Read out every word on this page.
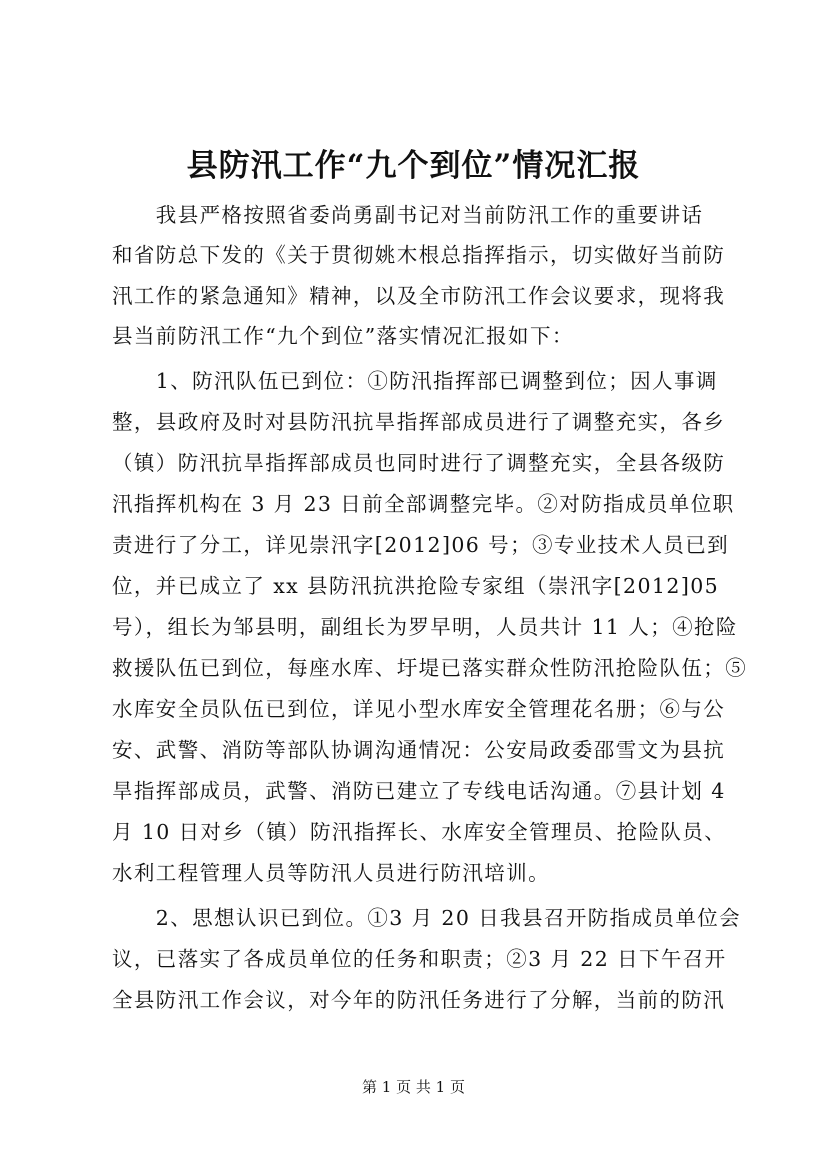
县防汛工作“九个到位”情况汇报
　　我县严格按照省委尚勇副书记对当前防汛工作的重要讲话
和省防总下发的《关于贯彻姚木根总指挥指示，切实做好当前防
汛工作的紧急通知》精神，以及全市防汛工作会议要求，现将我
县当前防汛工作“九个到位”落实情况汇报如下：
　　1、防汛队伍已到位：①防汛指挥部已调整到位；因人事调
整，县政府及时对县防汛抗旱指挥部成员进行了调整充实，各乡
（镇）防汛抗旱指挥部成员也同时进行了调整充实，全县各级防
汛指挥机构在 3 月 23 日前全部调整完毕。②对防指成员单位职
责进行了分工，详见崇汛字[2012]06 号；③专业技术人员已到
位，并已成立了 xx 县防汛抗洪抢险专家组（崇汛字[2012]05
号），组长为邹县明，副组长为罗早明，人员共计 11 人；④抢险
救援队伍已到位，每座水库、圩堤已落实群众性防汛抢险队伍；⑤
水库安全员队伍已到位，详见小型水库安全管理花名册；⑥与公
安、武警、消防等部队协调沟通情况：公安局政委邵雪文为县抗
旱指挥部成员，武警、消防已建立了专线电话沟通。⑦县计划 4
月 10 日对乡（镇）防汛指挥长、水库安全管理员、抢险队员、
水利工程管理人员等防汛人员进行防汛培训。
　　2、思想认识已到位。①3 月 20 日我县召开防指成员单位会
议，已落实了各成员单位的任务和职责；②3 月 22 日下午召开
全县防汛工作会议，对今年的防汛任务进行了分解，当前的防汛
第 1 页 共 1 页
